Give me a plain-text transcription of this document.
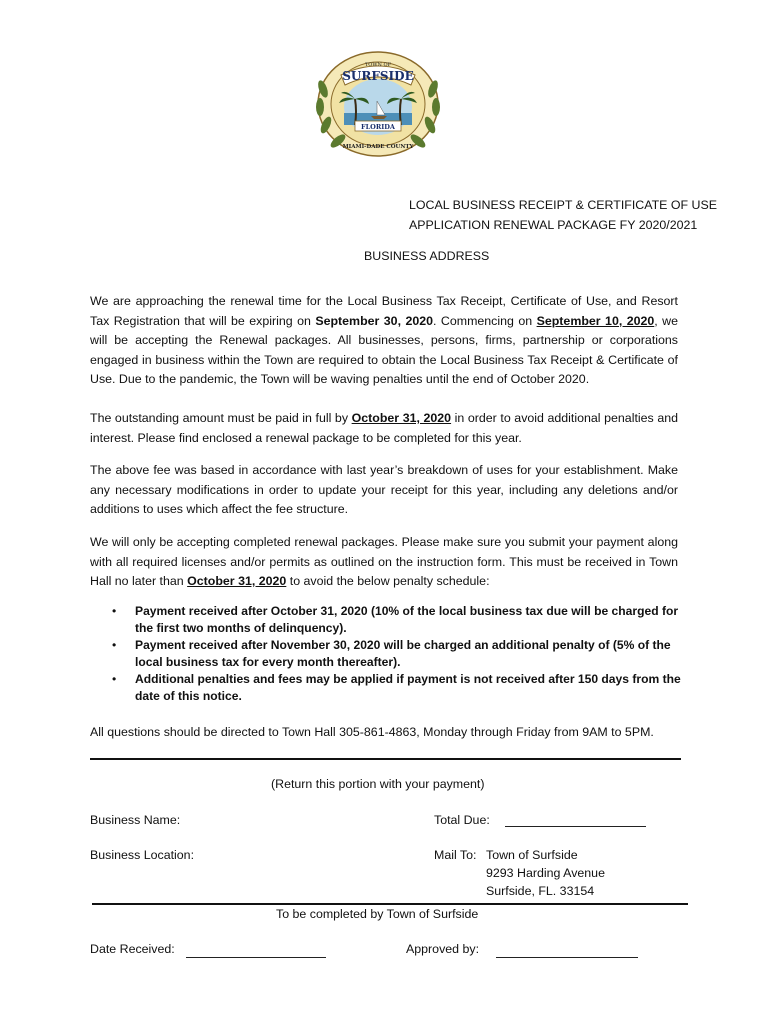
TOWN OF
SURFSIDE
FLORIDA
MIAMI-DADE COUNTY
LOCAL BUSINESS RECEIPT & CERTIFICATE OF USE
APPLICATION RENEWAL PACKAGE FY 2020/2021
BUSINESS ADDRESS
We are approaching the renewal time for the Local Business Tax Receipt, Certificate of Use, and Resort Tax Registration that will be expiring on September 30, 2020. Commencing on September 10, 2020, we will be accepting the Renewal packages. All businesses, persons, firms, partnership or corporations engaged in business within the Town are required to obtain the Local Business Tax Receipt & Certificate of Use. Due to the pandemic, the Town will be waving penalties until the end of October 2020.
The outstanding amount must be paid in full by October 31, 2020 in order to avoid additional penalties and interest. Please find enclosed a renewal package to be completed for this year.
The above fee was based in accordance with last year’s breakdown of uses for your establishment. Make any necessary modifications in order to update your receipt for this year, including any deletions and/or additions to uses which affect the fee structure.
We will only be accepting completed renewal packages. Please make sure you submit your payment along with all required licenses and/or permits as outlined on the instruction form. This must be received in Town Hall no later than October 31, 2020 to avoid the below penalty schedule:
• Payment received after October 31, 2020 (10% of the local business tax due will be charged for the first two months of delinquency).
• Payment received after November 30, 2020 will be charged an additional penalty of (5% of the local business tax for every month thereafter).
• Additional penalties and fees may be applied if payment is not received after 150 days from the date of this notice.
All questions should be directed to Town Hall 305-861-4863, Monday through Friday from 9AM to 5PM.
(Return this portion with your payment)
Business Name:	Total Due:
Business Location:	Mail To: Town of Surfside
9293 Harding Avenue
Surfside, FL. 33154
To be completed by Town of Surfside
Date Received:	Approved by:
